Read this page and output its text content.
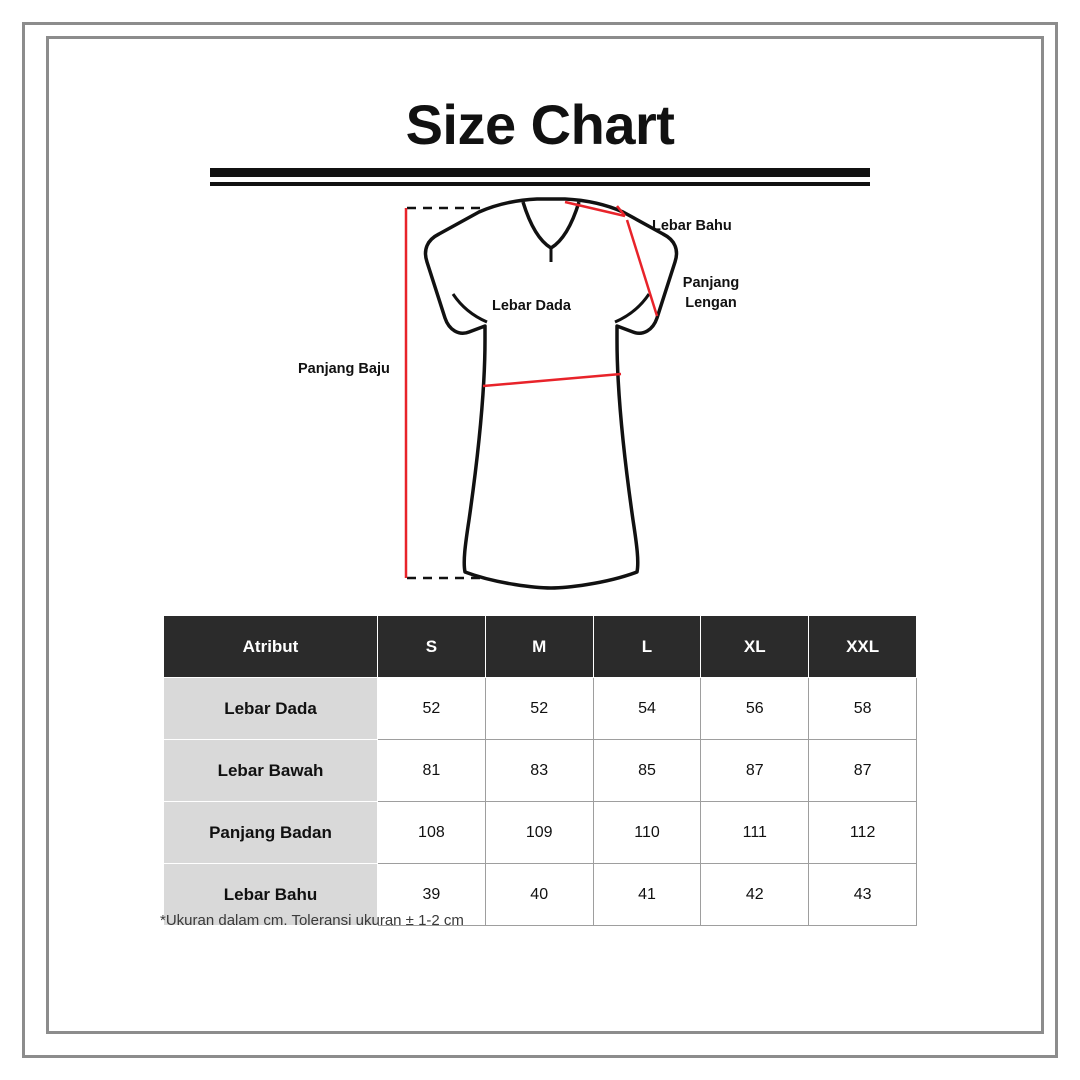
Size Chart
Lebar Bahu
Panjang
Lengan
Lebar Dada
Panjang Baju
Atribut	S	M	L	XL	XXL
Lebar Dada	52	52	54	56	58
Lebar Bawah	81	83	85	87	87
Panjang Badan	108	109	110	111	112
Lebar Bahu	39	40	41	42	43
*Ukuran dalam cm. Toleransi ukuran ± 1-2 cm
